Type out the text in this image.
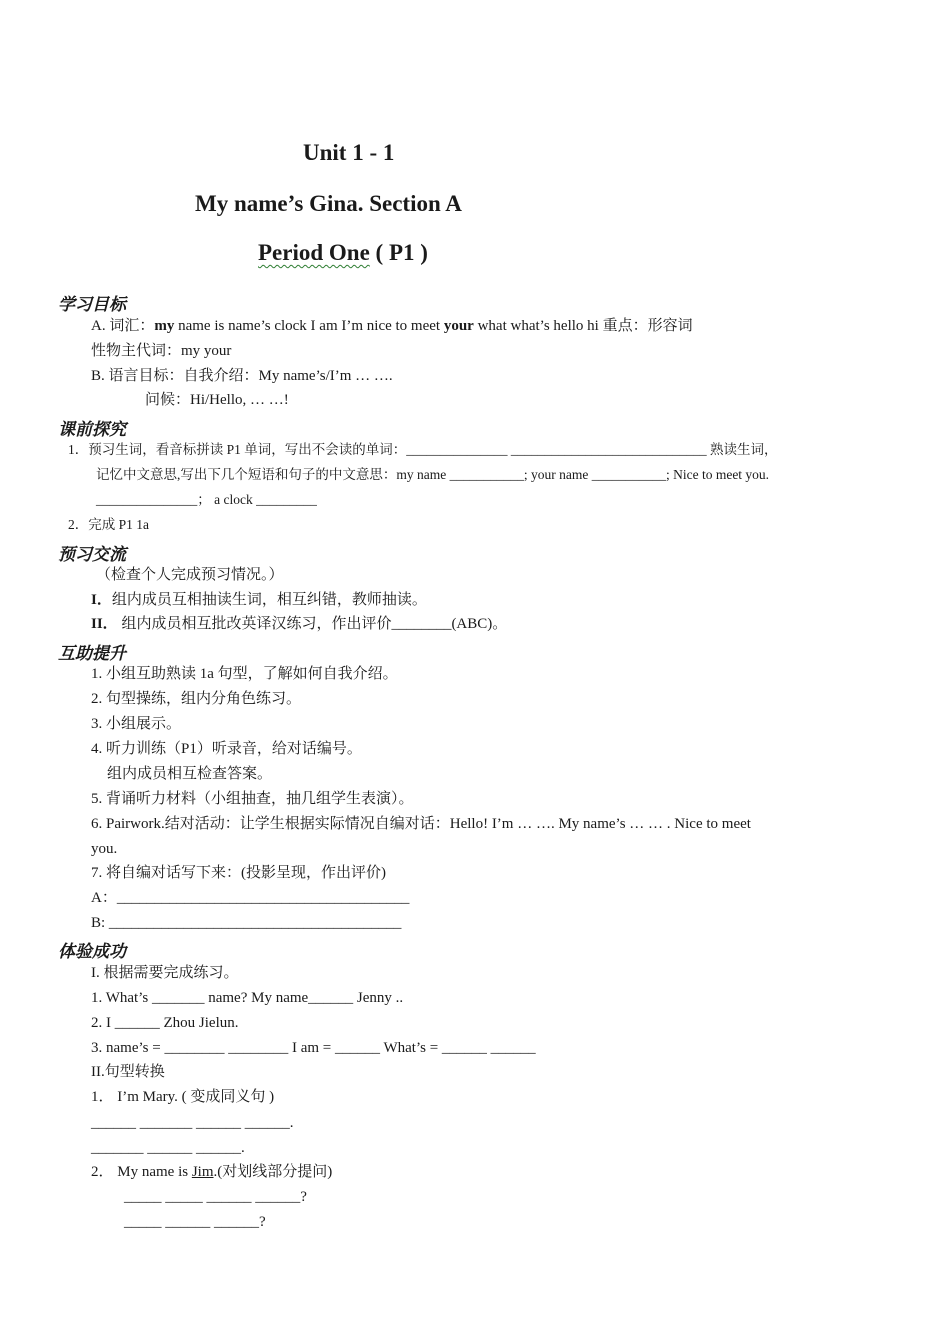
Unit 1 - 1
My name’s Gina. Section A
Period One ( P1 )
学习目标
A. 词汇：my name is name’s clock I am I’m nice to meet your what what’s hello hi 重点：形容词
性物主代词：my your
B. 语言目标：自我介绍：My name’s/I’m … ….
问候：Hi/Hello, … …!
课前探究
1．预习生词，看音标拼读 P1 单词，写出不会读的单词：_______________ _____________________________ 熟读生词，
记忆中文意思,写出下几个短语和句子的中文意思：my name ___________; your name ___________; Nice to meet you.
_______________； a clock _________
2．完成 P1 1a
预习交流
（检查个人完成预习情况。）
I．组内成员互相抽读生词，相互纠错，教师抽读。
II． 组内成员相互批改英译汉练习，作出评价________(ABC)。
互助提升
1. 小组互助熟读 1a 句型，了解如何自我介绍。
2. 句型操练，组内分角色练习。
3. 小组展示。
4. 听力训练（P1）听录音，给对话编号。
组内成员相互检查答案。
5. 背诵听力材料（小组抽查，抽几组学生表演）。
6. Pairwork.结对活动：让学生根据实际情况自编对话：Hello! I’m … …. My name’s … … . Nice to meet
you.
7. 将自编对话写下来：(投影呈现，作出评价)
A：_______________________________________
B: _______________________________________
体验成功
I. 根据需要完成练习。
1. What’s _______ name? My name______ Jenny ..
2. I ______ Zhou Jielun.
3. name’s = ________ ________ I am = ______ What’s = ______ ______
II.句型转换
1． I’m Mary. ( 变成同义句 )
______ _______ ______ ______.
_______ ______ ______.
2． My name is Jim.(对划线部分提问)
_____ _____ ______ ______?
_____ ______ ______?
